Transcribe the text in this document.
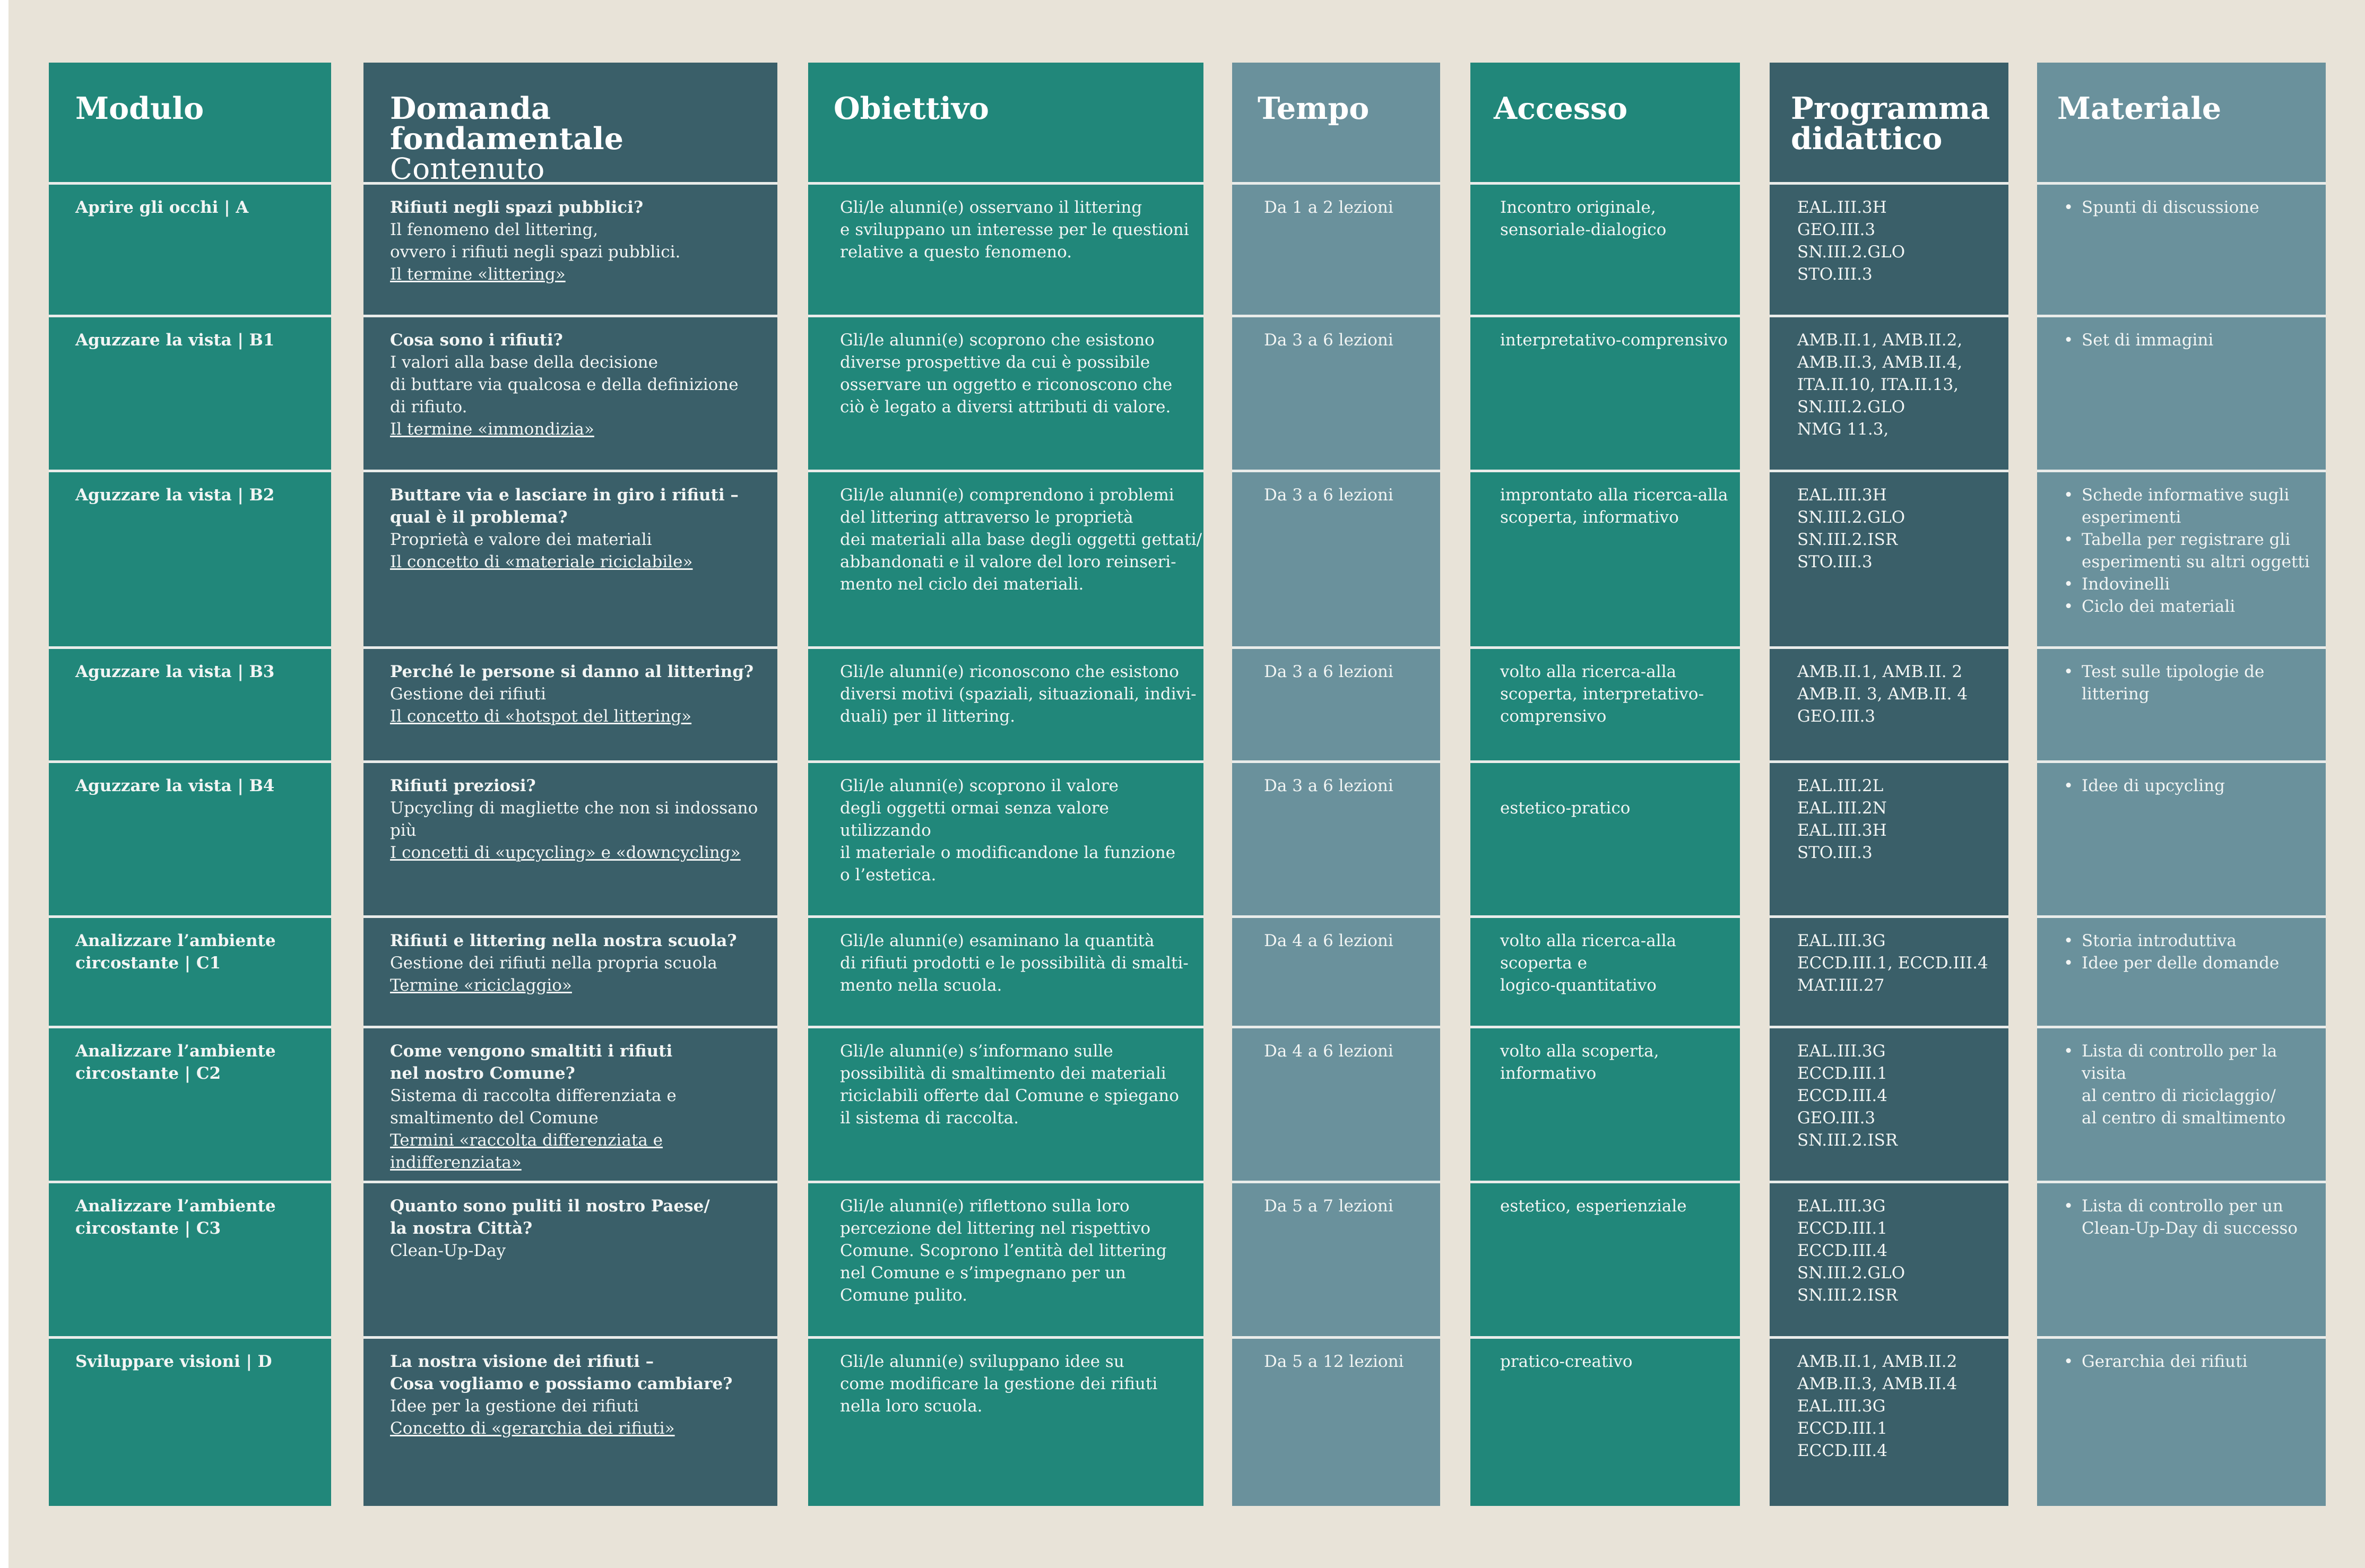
Modulo
Aprire gli occhi | A
Aguzzare la vista | B1
Aguzzare la vista | B2
Aguzzare la vista | B3
Aguzzare la vista | B4
Analizzare l’ambiente
circostante | C1
Analizzare l’ambiente
circostante | C2
Analizzare l’ambiente
circostante | C3
Sviluppare visioni | D
Domanda fondamentale
Contenuto
Rifiuti negli spazi pubblici?
Il fenomeno del littering,
ovvero i rifiuti negli spazi pubblici.
Il termine «littering»
Cosa sono i rifiuti?
I valori alla base della decisione
di buttare via qualcosa e della definizione
di rifiuto.
Il termine «immondizia»
Buttare via e lasciare in giro i rifiuti –
qual è il problema?
Proprietà e valore dei materiali
Il concetto di «materiale riciclabile»
Perché le persone si danno al littering?
Gestione dei rifiuti
Il concetto di «hotspot del littering»
Rifiuti preziosi?
Upcycling di magliette che non si indossano più
I concetti di «upcycling» e «downcycling»
Rifiuti e littering nella nostra scuola?
Gestione dei rifiuti nella propria scuola
Termine «riciclaggio»
Come vengono smaltiti i rifiuti
nel nostro Comune?
Sistema di raccolta differenziata e
smaltimento del Comune
Termini «raccolta differenziata e indifferenziata»
Quanto sono puliti il nostro Paese/
la nostra Città?
Clean-Up-Day
La nostra visione dei rifiuti –
Cosa vogliamo e possiamo cambiare?
Idee per la gestione dei rifiuti
Concetto di «gerarchia dei rifiuti»
Obiettivo
Gli/le alunni(e) osservano il littering
e sviluppano un interesse per le questioni
relative a questo fenomeno.
Gli/le alunni(e) scoprono che esistono
diverse prospettive da cui è possibile
osservare un oggetto e riconoscono che
ciò è legato a diversi attributi di valore.
Gli/le alunni(e) comprendono i problemi
del littering attraverso le proprietà
dei materiali alla base degli oggetti gettati/
abbandonati e il valore del loro reinseri-
mento nel ciclo dei materiali.
Gli/le alunni(e) riconoscono che esistono
diversi motivi (spaziali, situazionali, indivi-
duali) per il littering.
Gli/le alunni(e) scoprono il valore
degli oggetti ormai senza valore utilizzando
il materiale o modificandone la funzione
o l’estetica.
Gli/le alunni(e) esaminano la quantità
di rifiuti prodotti e le possibilità di smalti-
mento nella scuola.
Gli/le alunni(e) s’informano sulle
possibilità di smaltimento dei materiali
riciclabili offerte dal Comune e spiegano
il sistema di raccolta.
Gli/le alunni(e) riflettono sulla loro
percezione del littering nel rispettivo
Comune. Scoprono l’entità del littering
nel Comune e s’impegnano per un
Comune pulito.
Gli/le alunni(e) sviluppano idee su
come modificare la gestione dei rifiuti
nella loro scuola.
Tempo
Da 1 a 2 lezioni
Da 3 a 6 lezioni
Da 3 a 6 lezioni
Da 3 a 6 lezioni
Da 3 a 6 lezioni
Da 4 a 6 lezioni
Da 4 a 6 lezioni
Da 5 a 7 lezioni
Da 5 a 12 lezioni
Accesso
Incontro originale,
sensoriale-dialogico
interpretativo-comprensivo
improntato alla ricerca-alla
scoperta, informativo
volto alla ricerca-alla
scoperta, interpretativo-
comprensivo

estetico-pratico
volto alla ricerca-alla
scoperta e
logico-quantitativo
volto alla scoperta,
informativo
estetico, esperienziale
pratico-creativo
Programma
didattico
EAL.III.3H
GEO.III.3
SN.III.2.GLO
STO.III.3
AMB.II.1, AMB.II.2,
AMB.II.3, AMB.II.4,
ITA.II.10, ITA.II.13,
SN.III.2.GLO
NMG 11.3,
EAL.III.3H
SN.III.2.GLO
SN.III.2.ISR
STO.III.3
AMB.II.1, AMB.II. 2
AMB.II. 3, AMB.II. 4
GEO.III.3
EAL.III.2L
EAL.III.2N
EAL.III.3H
STO.III.3
EAL.III.3G
ECCD.III.1, ECCD.III.4
MAT.III.27
EAL.III.3G
ECCD.III.1
ECCD.III.4
GEO.III.3
SN.III.2.ISR
EAL.III.3G
ECCD.III.1
ECCD.III.4
SN.III.2.GLO
SN.III.2.ISR
AMB.II.1, AMB.II.2
AMB.II.3, AMB.II.4
EAL.III.3G
ECCD.III.1
ECCD.III.4
Materiale
• Spunti di discussione
• Set di immagini
• Schede informative sugli
esperimenti
• Tabella per registrare gli
esperimenti su altri oggetti
• Indovinelli
• Ciclo dei materiali
• Test sulle tipologie de littering
• Idee di upcycling
• Storia introduttiva
• Idee per delle domande
• Lista di controllo per la visita
al centro di riciclaggio/
al centro di smaltimento
• Lista di controllo per un
Clean-Up-Day di successo
• Gerarchia dei rifiuti
